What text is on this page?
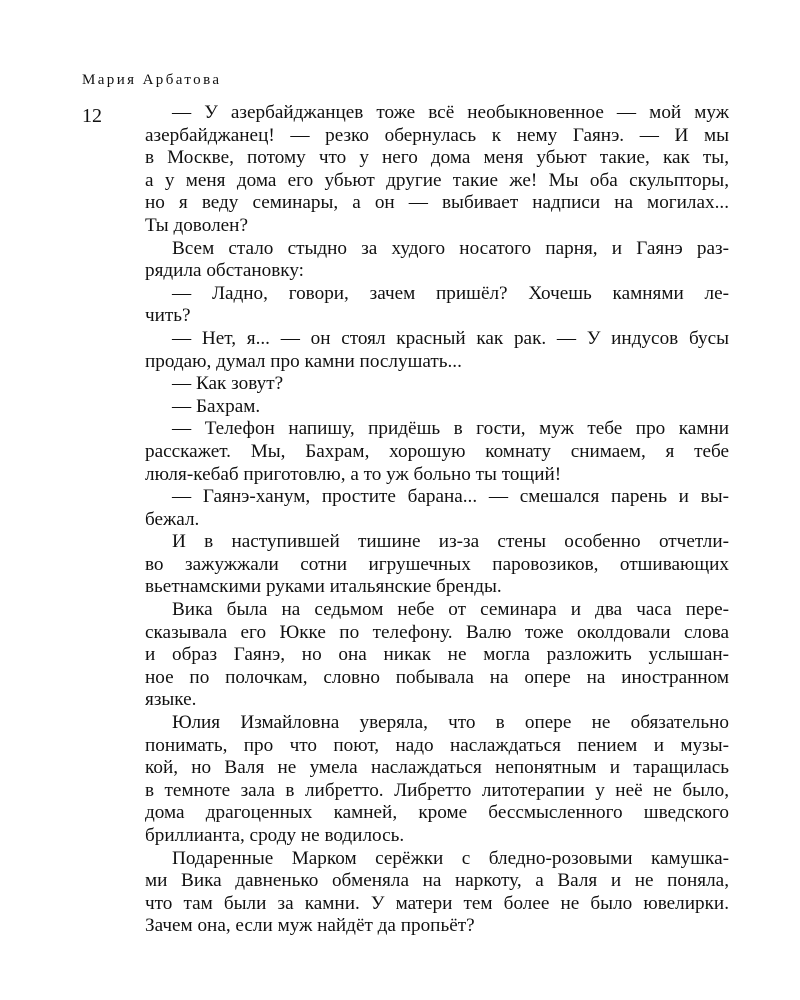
Мария Арбатова
12	— У азербайджанцев тоже всё необыкновенное — мой муж
азербайджанец! — резко обернулась к нему Гаянэ. — И мы
в Москве, потому что у него дома меня убьют такие, как ты,
а у меня дома его убьют другие такие же! Мы оба скульпторы,
но я веду семинары, а он — выбивает надписи на могилах...
Ты доволен?
Всем стало стыдно за худого носатого парня, и Гаянэ раз-
рядила обстановку:
— Ладно, говори, зачем пришёл? Хочешь камнями ле-
чить?
— Нет, я... — он стоял красный как рак. — У индусов бусы
продаю, думал про камни послушать...
— Как зовут?
— Бахрам.
— Телефон напишу, придёшь в гости, муж тебе про камни
расскажет. Мы, Бахрам, хорошую комнату снимаем, я тебе
люля-кебаб приготовлю, а то уж больно ты тощий!
— Гаянэ-ханум, простите барана... — смешался парень и вы-
бежал.
И в наступившей тишине из-за стены особенно отчетли-
во зажужжали сотни игрушечных паровозиков, отшивающих
вьетнамскими руками итальянские бренды.
Вика была на седьмом небе от семинара и два часа пере-
сказывала его Юкке по телефону. Валю тоже околдовали слова
и образ Гаянэ, но она никак не могла разложить услышан-
ное по полочкам, словно побывала на опере на иностранном
языке.
Юлия Измайловна уверяла, что в опере не обязательно
понимать, про что поют, надо наслаждаться пением и музы-
кой, но Валя не умела наслаждаться непонятным и таращилась
в темноте зала в либретто. Либретто литотерапии у неё не было,
дома драгоценных камней, кроме бессмысленного шведского
бриллианта, сроду не водилось.
Подаренные Марком серёжки с бледно-розовыми камушка-
ми Вика давненько обменяла на наркоту, а Валя и не поняла,
что там были за камни. У матери тем более не было ювелирки.
Зачем она, если муж найдёт да пропьёт?
